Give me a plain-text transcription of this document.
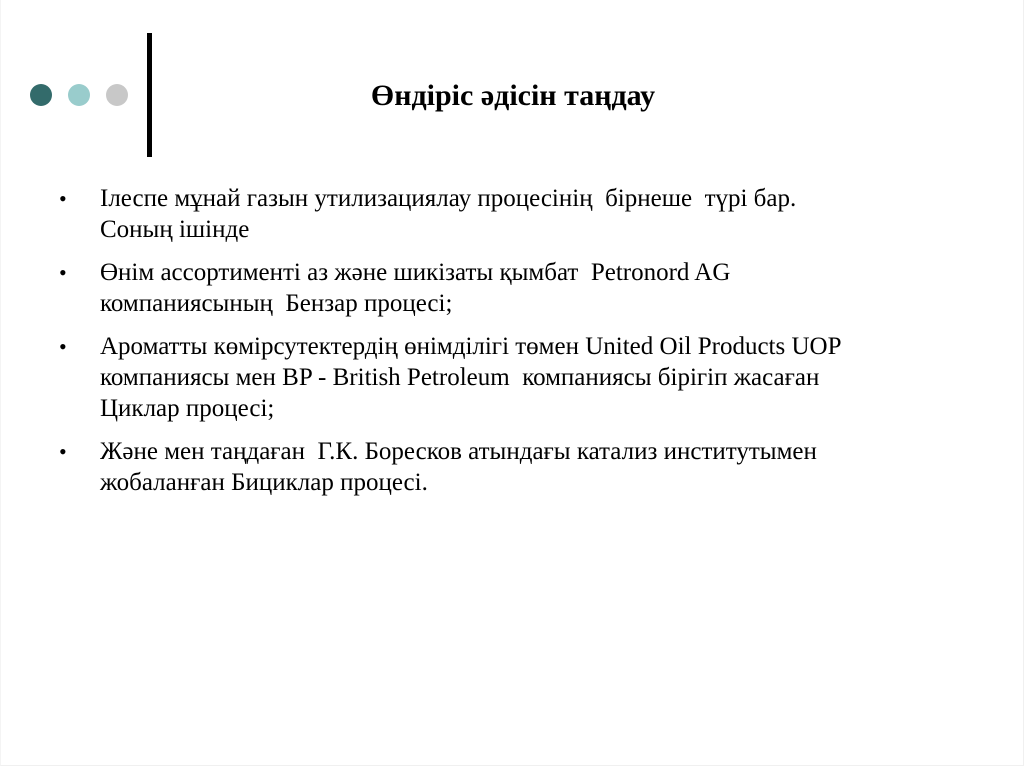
Өндіріс әдісін таңдау
• Ілеспе мұнай газын утилизациялау процесінің  бірнеше  түрі бар.
Соның ішінде
• Өнім ассортименті аз және шикізаты қымбат  Petronord AG
компаниясының  Бензар процесі;
• Ароматты көмірсутектердің өнімділігі төмен United Oil Products UOP
компаниясы мен BP - British Petroleum  компаниясы бірігіп жасаған
Циклар процесі;
• Және мен таңдаған  Г.К. Боресков атындағы катализ институтымен
жобаланған Бициклар процесі.
